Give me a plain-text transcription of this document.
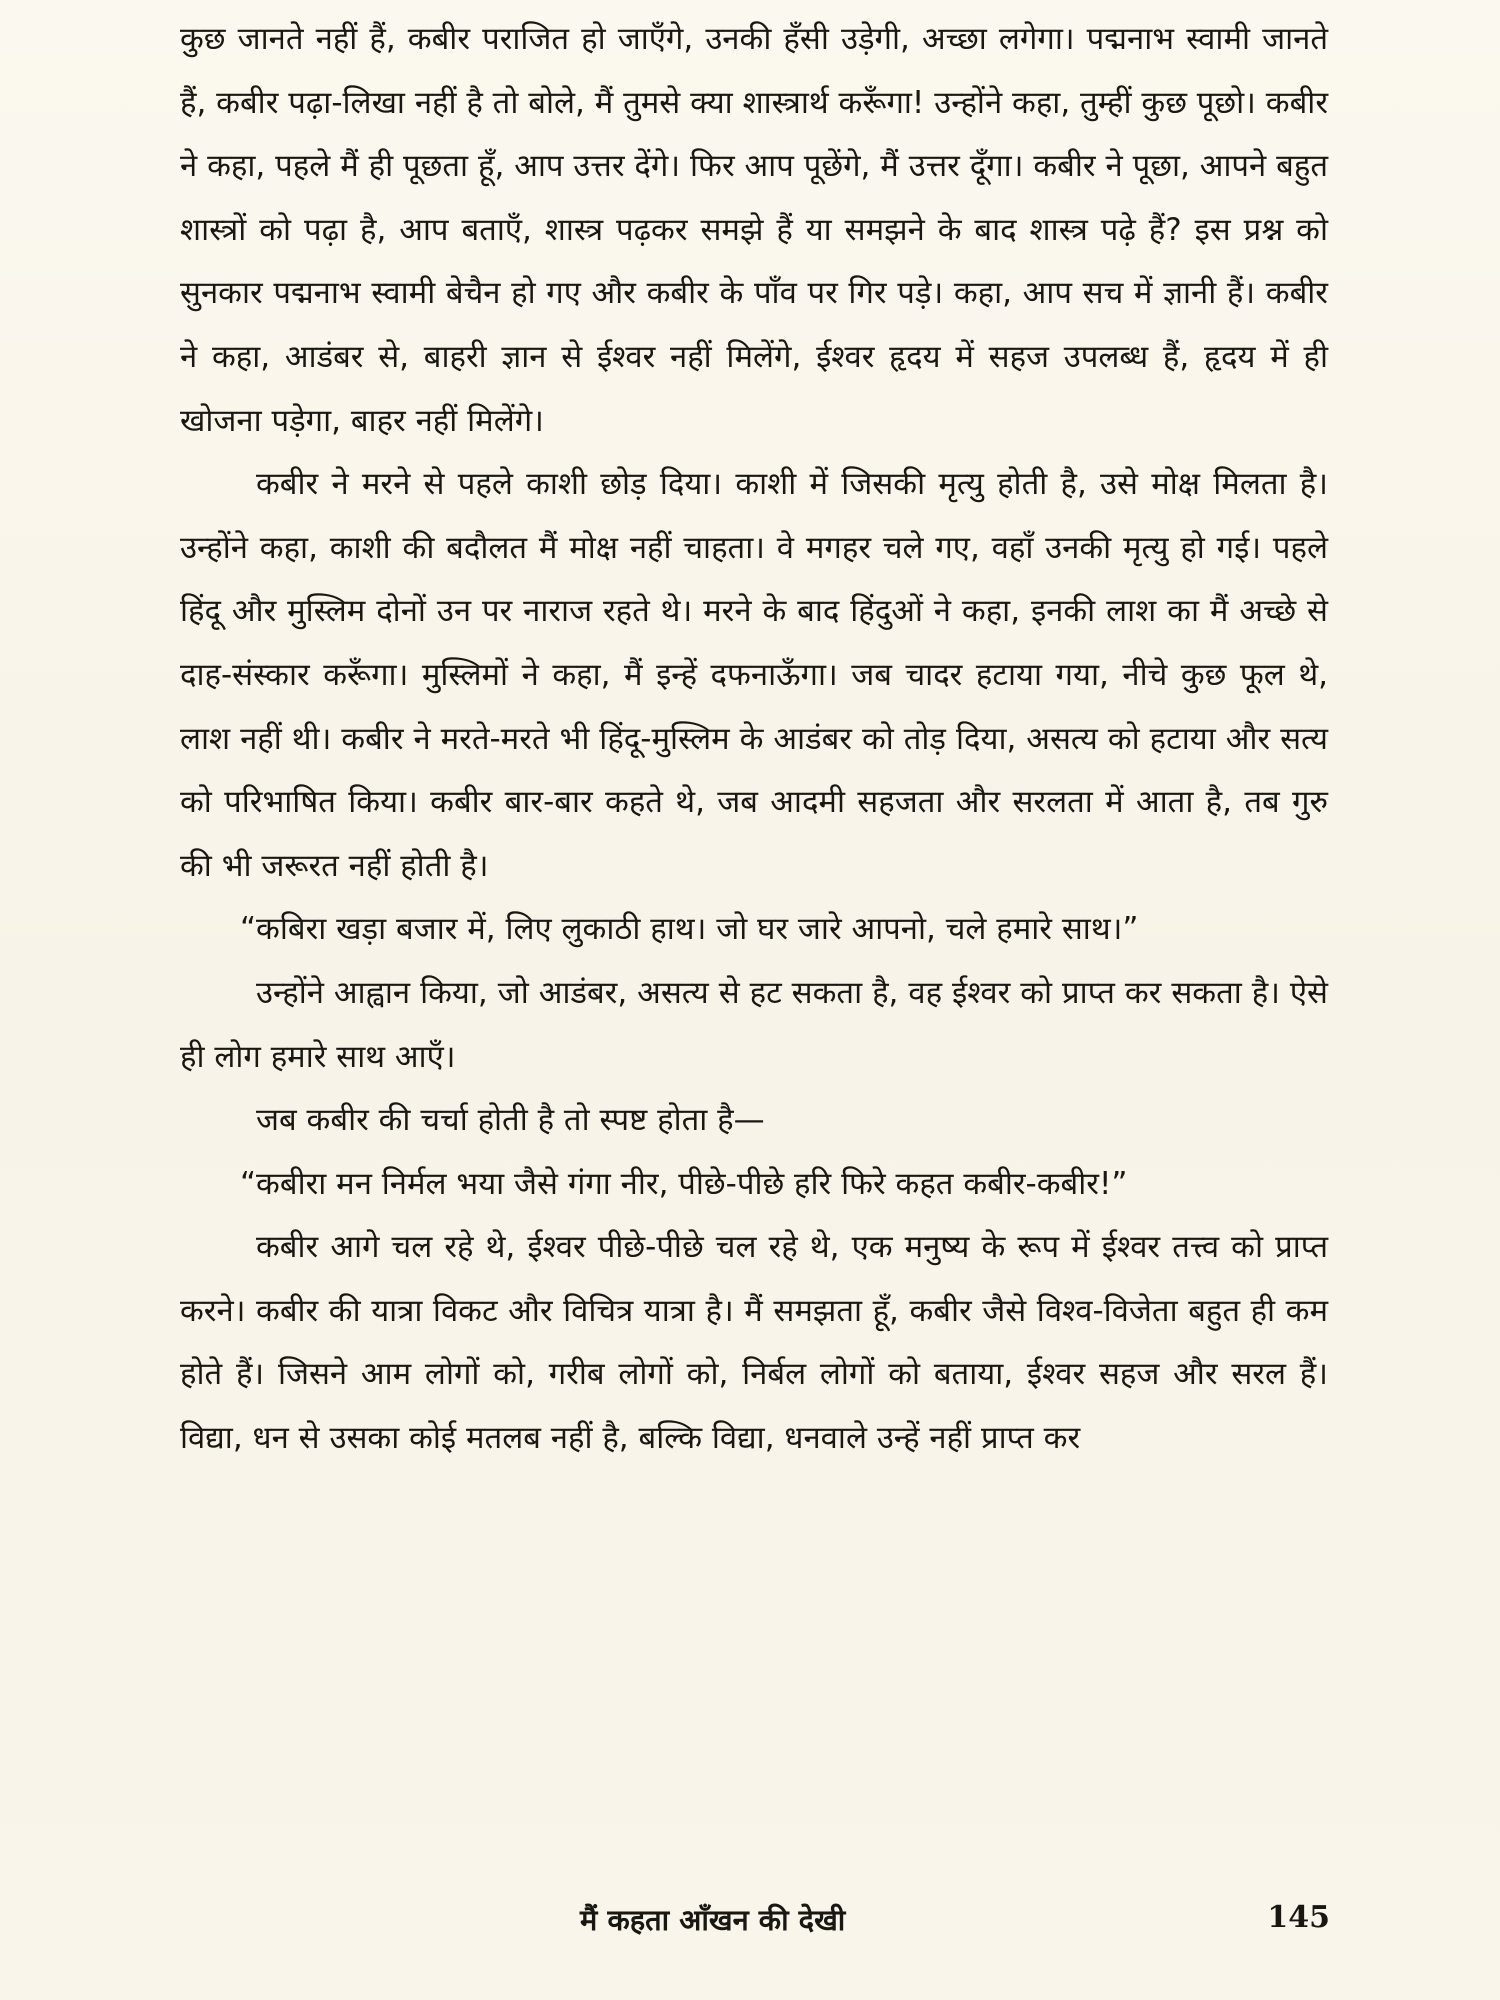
कुछ जानते नहीं हैं, कबीर पराजित हो जाएँगे, उनकी हँसी उड़ेगी, अच्छा लगेगा। पद्मनाभ स्वामी जानते हैं, कबीर पढ़ा-लिखा नहीं है तो बोले, मैं तुमसे क्या शास्त्रार्थ करूँगा! उन्होंने कहा, तुम्हीं कुछ पूछो। कबीर ने कहा, पहले मैं ही पूछता हूँ, आप उत्तर देंगे। फिर आप पूछेंगे, मैं उत्तर दूँगा। कबीर ने पूछा, आपने बहुत शास्त्रों को पढ़ा है, आप बताएँ, शास्त्र पढ़कर समझे हैं या समझने के बाद शास्त्र पढ़े हैं? इस प्रश्न को सुनकार पद्मनाभ स्वामी बेचैन हो गए और कबीर के पाँव पर गिर पड़े। कहा, आप सच में ज्ञानी हैं। कबीर ने कहा, आडंबर से, बाहरी ज्ञान से ईश्वर नहीं मिलेंगे, ईश्वर हृदय में सहज उपलब्ध हैं, हृदय में ही खोजना पड़ेगा, बाहर नहीं मिलेंगे।

कबीर ने मरने से पहले काशी छोड़ दिया। काशी में जिसकी मृत्यु होती है, उसे मोक्ष मिलता है। उन्होंने कहा, काशी की बदौलत मैं मोक्ष नहीं चाहता। वे मगहर चले गए, वहाँ उनकी मृत्यु हो गई। पहले हिंदू और मुस्लिम दोनों उन पर नाराज रहते थे। मरने के बाद हिंदुओं ने कहा, इनकी लाश का मैं अच्छे से दाह-संस्कार करूँगा। मुस्लिमों ने कहा, मैं इन्हें दफनाऊँगा। जब चादर हटाया गया, नीचे कुछ फूल थे, लाश नहीं थी। कबीर ने मरते-मरते भी हिंदू-मुस्लिम के आडंबर को तोड़ दिया, असत्य को हटाया और सत्य को परिभाषित किया। कबीर बार-बार कहते थे, जब आदमी सहजता और सरलता में आता है, तब गुरु की भी जरूरत नहीं होती है।

“कबिरा खड़ा बजार में, लिए लुकाठी हाथ। जो घर जारे आपनो, चले हमारे साथ।”

उन्होंने आह्वान किया, जो आडंबर, असत्य से हट सकता है, वह ईश्वर को प्राप्त कर सकता है। ऐसे ही लोग हमारे साथ आएँ।

जब कबीर की चर्चा होती है तो स्पष्ट होता है—

“कबीरा मन निर्मल भया जैसे गंगा नीर, पीछे-पीछे हरि फिरे कहत कबीर-कबीर!”

कबीर आगे चल रहे थे, ईश्वर पीछे-पीछे चल रहे थे, एक मनुष्य के रूप में ईश्वर तत्त्व को प्राप्त करने। कबीर की यात्रा विकट और विचित्र यात्रा है। मैं समझता हूँ, कबीर जैसे विश्व-विजेता बहुत ही कम होते हैं। जिसने आम लोगों को, गरीब लोगों को, निर्बल लोगों को बताया, ईश्वर सहज और सरल हैं। विद्या, धन से उसका कोई मतलब नहीं है, बल्कि विद्या, धनवाले उन्हें नहीं प्राप्त कर

मैं कहता आँखन की देखी	145
